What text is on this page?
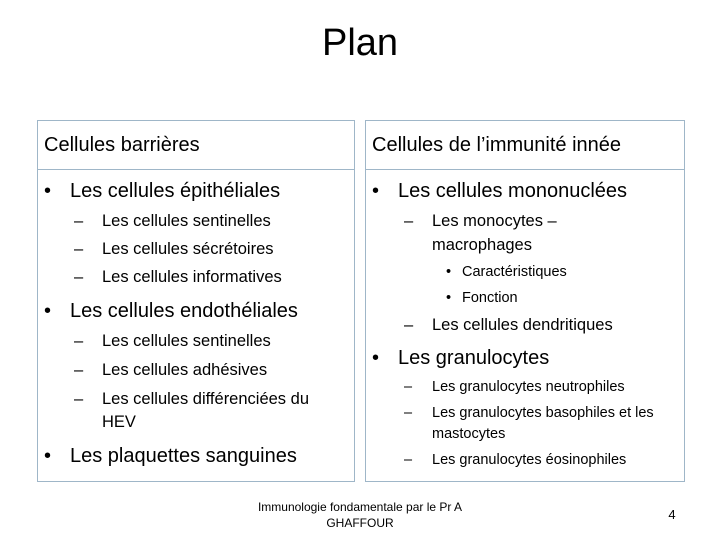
Plan
Cellules barrières
• Les cellules épithéliales
– Les cellules sentinelles
– Les cellules sécrétoires
– Les cellules informatives
• Les cellules endothéliales
– Les cellules sentinelles
– Les cellules adhésives
– Les cellules différenciées du
HEV
• Les plaquettes sanguines
Cellules de l’immunité innée
• Les cellules mononuclées
– Les monocytes –
macrophages
• Caractéristiques
• Fonction
– Les cellules dendritiques
• Les granulocytes
– Les granulocytes neutrophiles
– Les granulocytes basophiles et les
mastocytes
– Les granulocytes éosinophiles
Immunologie fondamentale par le Pr A GHAFFOUR
4
